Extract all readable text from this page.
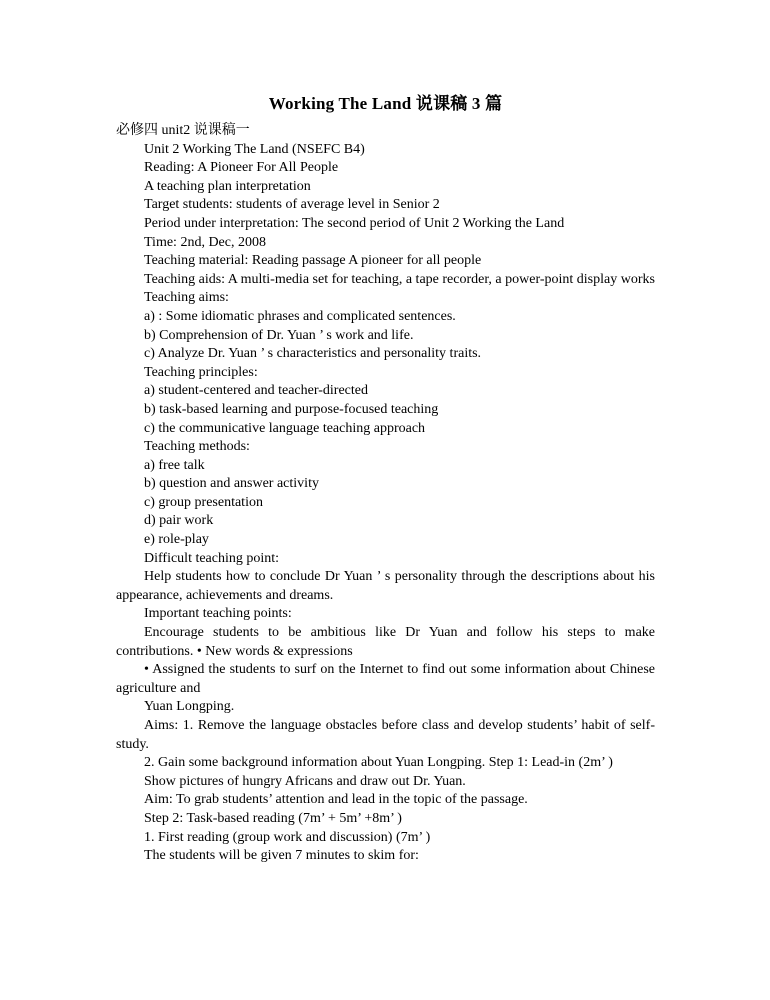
Working The Land 说课稿 3 篇

必修四 unit2 说课稿一

Unit 2 Working The Land (NSEFC B4)

Reading: A Pioneer For All People

A teaching plan interpretation

Target students: students of average level in Senior 2

Period under interpretation: The second period of Unit 2 Working the Land

Time: 2nd, Dec, 2008

Teaching material: Reading passage A pioneer for all people

Teaching aids: A multi-media set for teaching, a tape recorder, a power-point display works

Teaching aims:

a) : Some idiomatic phrases and complicated sentences.

b) Comprehension of Dr. Yuan ’ s work and life.

c) Analyze Dr. Yuan ’ s characteristics and personality traits.

Teaching principles:

a) student-centered and teacher-directed

b) task-based learning and purpose-focused teaching

c) the communicative language teaching approach

Teaching methods:

a) free talk

b) question and answer activity

c) group presentation

d) pair work

e) role-play

Difficult teaching point:

Help students how to conclude Dr Yuan ’ s personality through the descriptions about his appearance, achievements and dreams.

Important teaching points:

Encourage students to be ambitious like Dr Yuan and follow his steps to make contributions. • New words & expressions

• Assigned the students to surf on the Internet to find out some information about Chinese agriculture and

Yuan Longping.

Aims: 1. Remove the language obstacles before class and develop students’ habit of self-study.

2. Gain some background information about Yuan Longping. Step 1: Lead-in (2m’ )

Show pictures of hungry Africans and draw out Dr. Yuan.

Aim: To grab students’ attention and lead in the topic of the passage.

Step 2: Task-based reading (7m’ + 5m’ +8m’ )

1. First reading (group work and discussion) (7m’ )

The students will be given 7 minutes to skim for:
